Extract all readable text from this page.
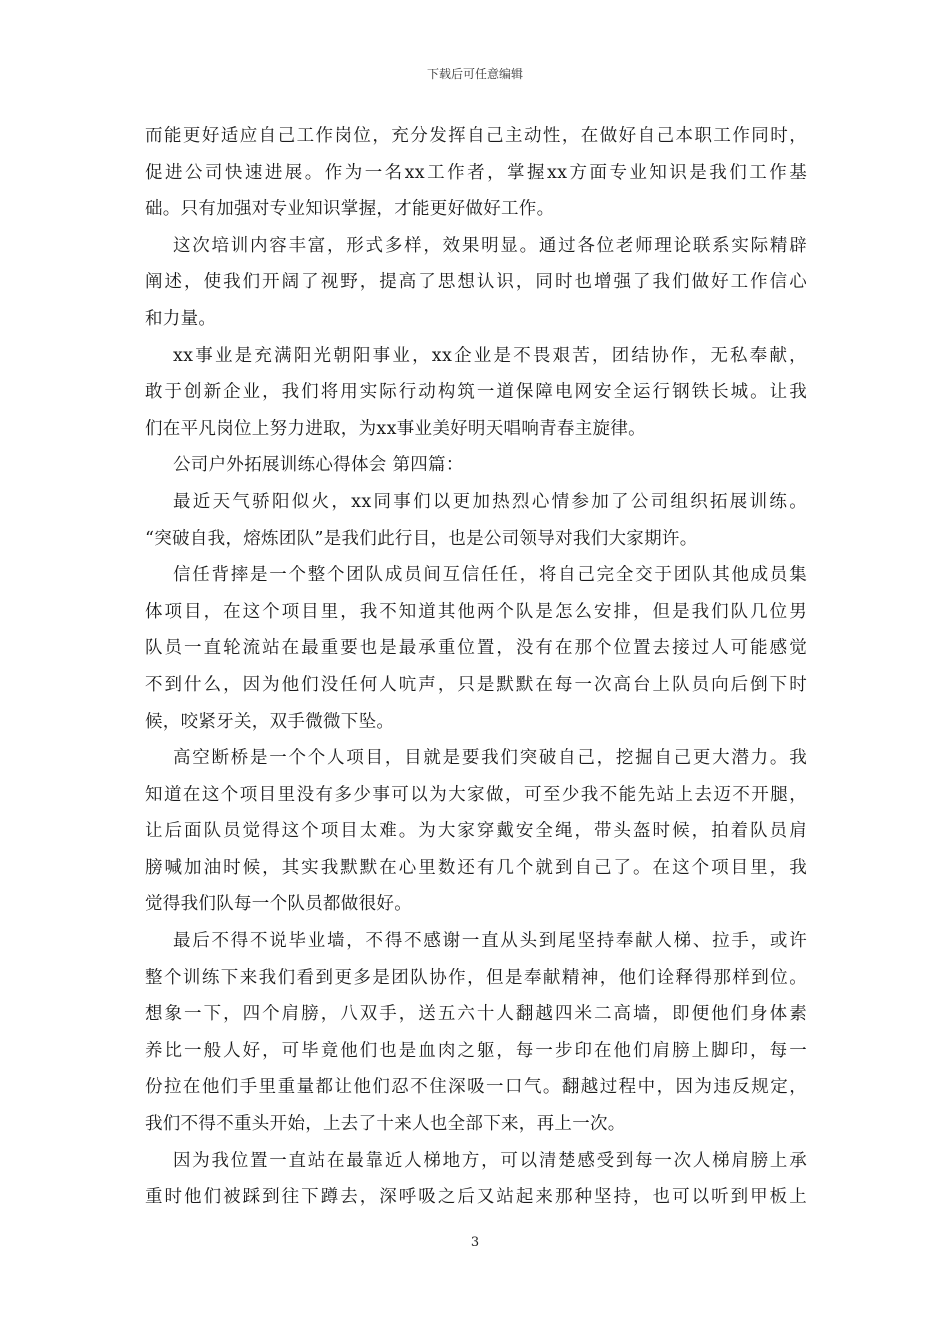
下载后可任意编辑
而能更好适应自己工作岗位，充分发挥自己主动性，在做好自己本职工作同时，
促进公司快速进展。作为一名xx工作者，掌握xx方面专业知识是我们工作基
础。只有加强对专业知识掌握，才能更好做好工作。
这次培训内容丰富，形式多样，效果明显。通过各位老师理论联系实际精辟
阐述，使我们开阔了视野，提高了思想认识，同时也增强了我们做好工作信心
和力量。
xx事业是充满阳光朝阳事业，xx企业是不畏艰苦，团结协作，无私奉献，
敢于创新企业，我们将用实际行动构筑一道保障电网安全运行钢铁长城。让我
们在平凡岗位上努力进取，为xx事业美好明天唱响青春主旋律。
公司户外拓展训练心得体会 第四篇：
最近天气骄阳似火，xx同事们以更加热烈心情参加了公司组织拓展训练。
“突破自我，熔炼团队”是我们此行目，也是公司领导对我们大家期许。
信任背摔是一个整个团队成员间互信任任，将自己完全交于团队其他成员集
体项目，在这个项目里，我不知道其他两个队是怎么安排，但是我们队几位男
队员一直轮流站在最重要也是最承重位置，没有在那个位置去接过人可能感觉
不到什么，因为他们没任何人吭声，只是默默在每一次高台上队员向后倒下时
候，咬紧牙关，双手微微下坠。
高空断桥是一个个人项目，目就是要我们突破自己，挖掘自己更大潜力。我
知道在这个项目里没有多少事可以为大家做，可至少我不能先站上去迈不开腿，
让后面队员觉得这个项目太难。为大家穿戴安全绳，带头盔时候，拍着队员肩
膀喊加油时候，其实我默默在心里数还有几个就到自己了。在这个项目里，我
觉得我们队每一个队员都做很好。
最后不得不说毕业墙，不得不感谢一直从头到尾坚持奉献人梯、拉手，或许
整个训练下来我们看到更多是团队协作，但是奉献精神，他们诠释得那样到位。
想象一下，四个肩膀，八双手，送五六十人翻越四米二高墙，即便他们身体素
养比一般人好，可毕竟他们也是血肉之躯，每一步印在他们肩膀上脚印，每一
份拉在他们手里重量都让他们忍不住深吸一口气。翻越过程中，因为违反规定，
我们不得不重头开始，上去了十来人也全部下来，再上一次。
因为我位置一直站在最靠近人梯地方，可以清楚感受到每一次人梯肩膀上承
重时他们被踩到往下蹲去，深呼吸之后又站起来那种坚持，也可以听到甲板上
3
